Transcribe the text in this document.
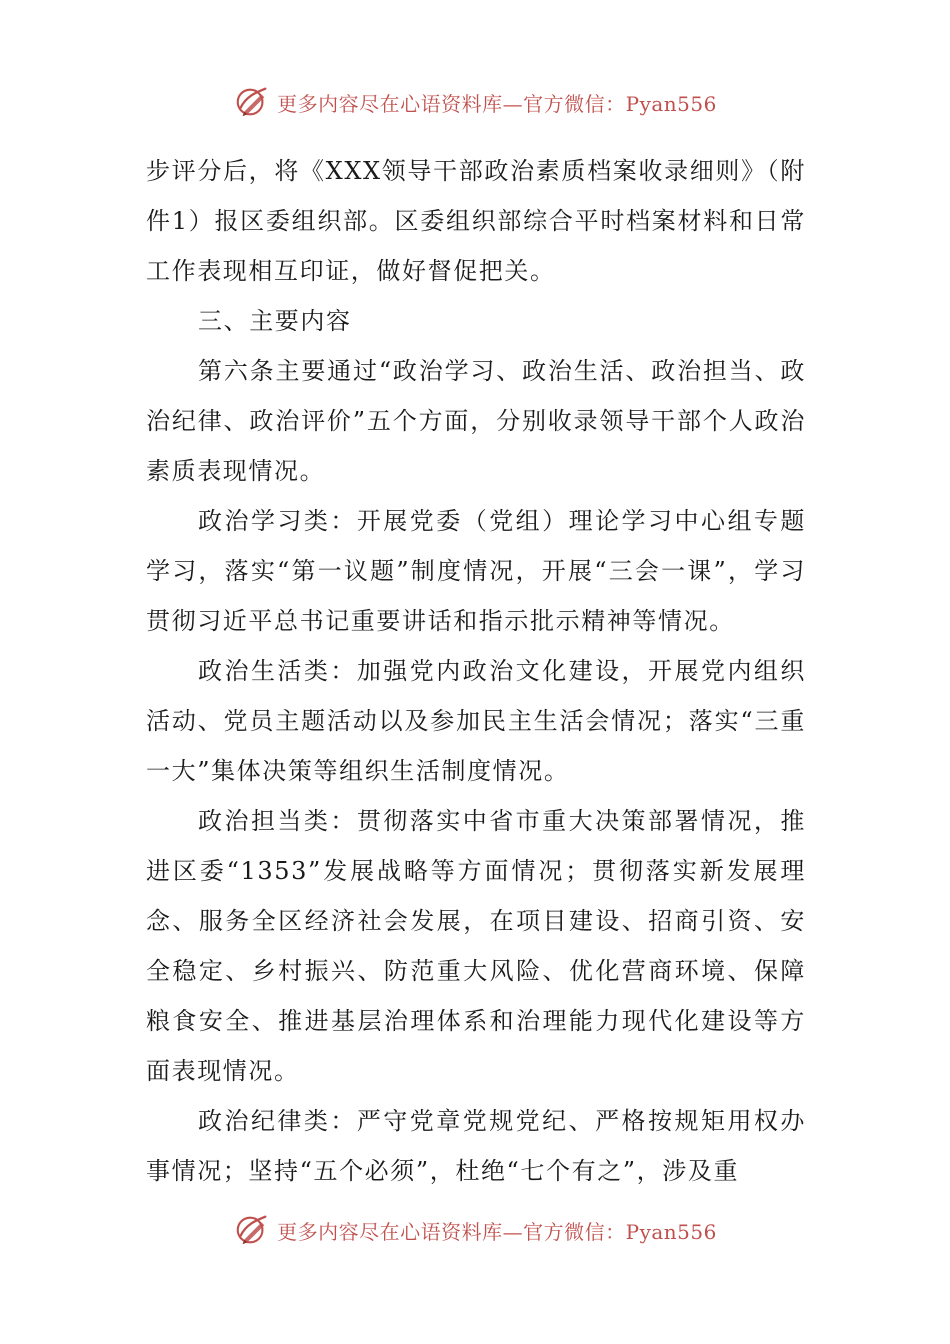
更多内容尽在心语资料库—官方微信：Pyan556

步评分后，将《XXX领导干部政治素质档案收录细则》（附件1）报区委组织部。区委组织部综合平时档案材料和日常工作表现相互印证，做好督促把关。

三、主要内容

第六条主要通过“政治学习、政治生活、政治担当、政治纪律、政治评价”五个方面，分别收录领导干部个人政治素质表现情况。

政治学习类：开展党委（党组）理论学习中心组专题学习，落实“第一议题”制度情况，开展“三会一课”，学习贯彻习近平总书记重要讲话和指示批示精神等情况。

政治生活类：加强党内政治文化建设，开展党内组织活动、党员主题活动以及参加民主生活会情况；落实“三重一大”集体决策等组织生活制度情况。

政治担当类：贯彻落实中省市重大决策部署情况，推进区委“1353”发展战略等方面情况；贯彻落实新发展理念、服务全区经济社会发展，在项目建设、招商引资、安全稳定、乡村振兴、防范重大风险、优化营商环境、保障粮食安全、推进基层治理体系和治理能力现代化建设等方面表现情况。

政治纪律类：严守党章党规党纪、严格按规矩用权办事情况；坚持“五个必须”，杜绝“七个有之”，涉及重

更多内容尽在心语资料库—官方微信：Pyan556
